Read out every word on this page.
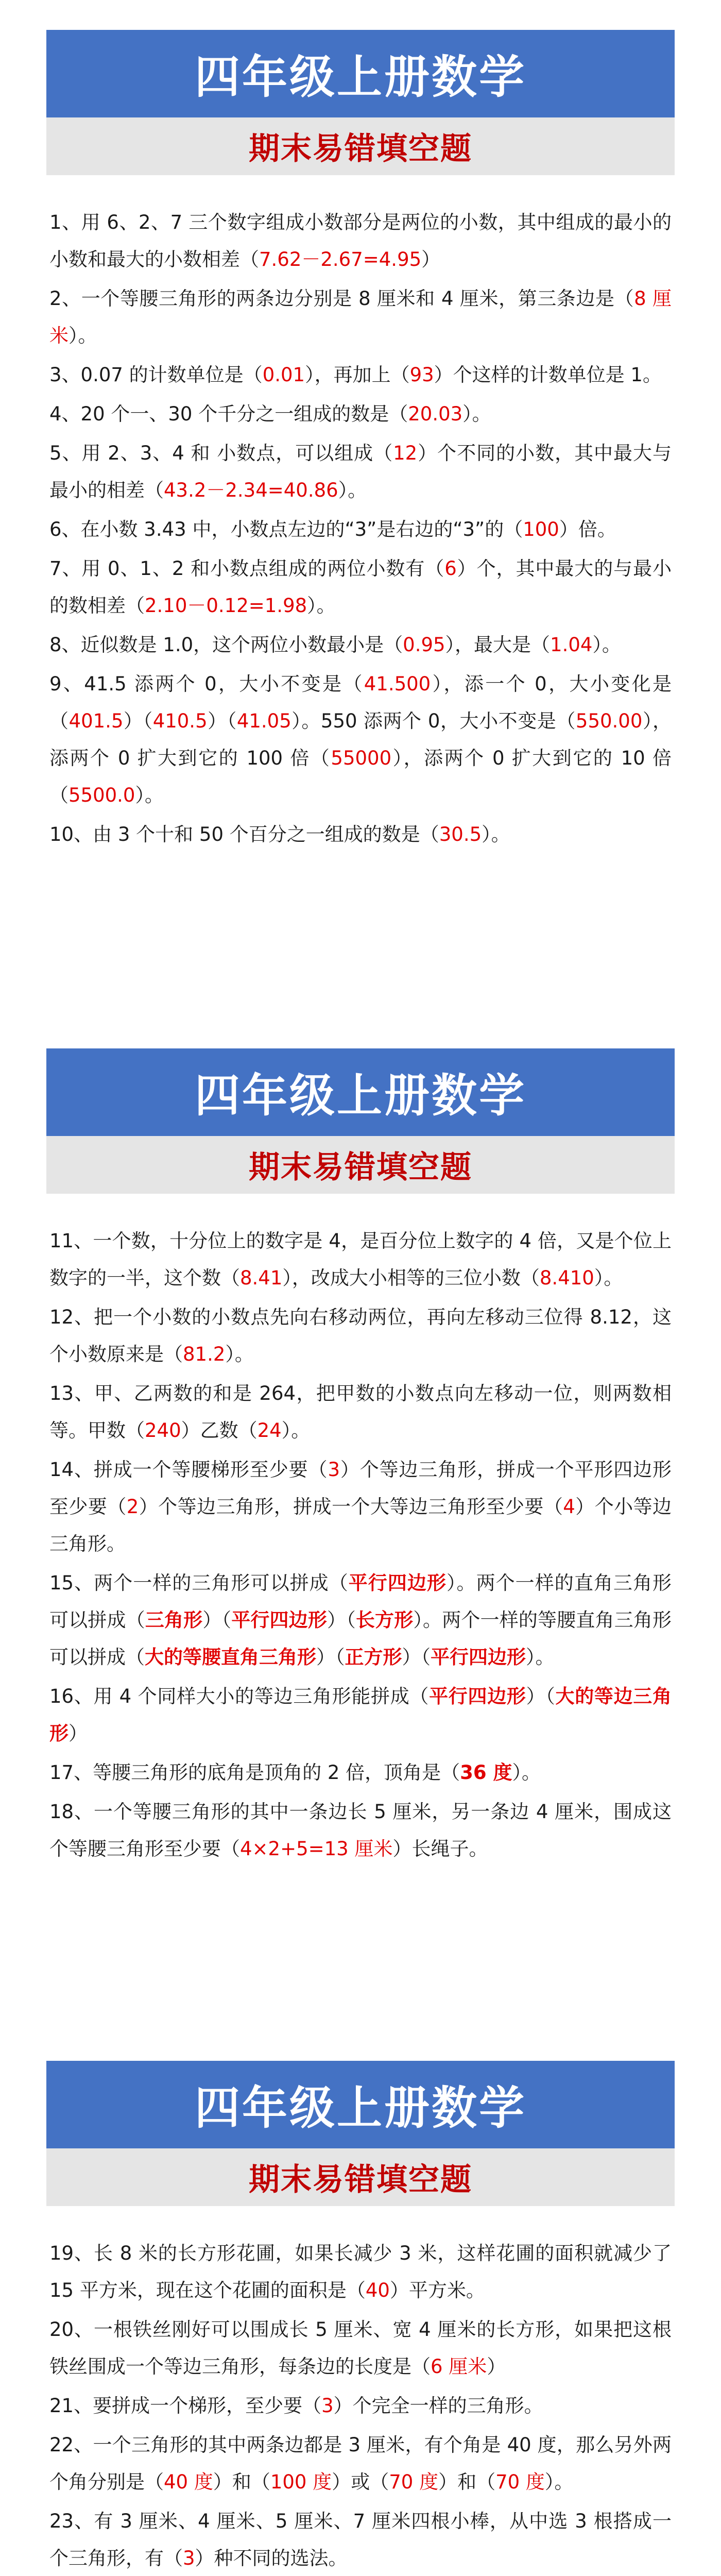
四年级上册数学
期末易错填空题
1、用 6、2、7 三个数字组成小数部分是两位的小数，其中组成的最小的小数和最大的小数相差（7.62－2.67=4.95）
2、一个等腰三角形的两条边分别是 8 厘米和 4 厘米，第三条边是（8 厘米）。
3、0.07 的计数单位是（0.01），再加上（93）个这样的计数单位是 1。
4、20 个一、30 个千分之一组成的数是（20.03）。
5、用 2、3、4 和 小数点，可以组成（12）个不同的小数，其中最大与最小的相差（43.2－2.34=40.86）。
6、在小数 3.43 中，小数点左边的“3”是右边的“3”的（100）倍。
7、用 0、1、2 和小数点组成的两位小数有（6）个，其中最大的与最小的数相差（2.10－0.12=1.98）。
8、近似数是 1.0，这个两位小数最小是（0.95），最大是（1.04）。
9、41.5 添两个 0，大小不变是（41.500），添一个 0，大小变化是（401.5）（410.5）（41.05）。550 添两个 0，大小不变是（550.00），添两个 0 扩大到它的 100 倍（55000），添两个 0 扩大到它的 10 倍（5500.0）。
10、由 3 个十和 50 个百分之一组成的数是（30.5）。
四年级上册数学
期末易错填空题
11、一个数，十分位上的数字是 4，是百分位上数字的 4 倍，又是个位上数字的一半，这个数（8.41），改成大小相等的三位小数（8.410）。
12、把一个小数的小数点先向右移动两位，再向左移动三位得 8.12，这个小数原来是（81.2）。
13、甲、乙两数的和是 264，把甲数的小数点向左移动一位，则两数相等。甲数（240）乙数（24）。
14、拼成一个等腰梯形至少要（3）个等边三角形，拼成一个平形四边形至少要（2）个等边三角形，拼成一个大等边三角形至少要（4）个小等边三角形。
15、两个一样的三角形可以拼成（平行四边形）。两个一样的直角三角形可以拼成（三角形）（平行四边形）（长方形）。两个一样的等腰直角三角形可以拼成（大的等腰直角三角形）（正方形）（平行四边形）。
16、用 4 个同样大小的等边三角形能拼成（平行四边形）（大的等边三角形）
17、等腰三角形的底角是顶角的 2 倍，顶角是（36 度）。
18、一个等腰三角形的其中一条边长 5 厘米，另一条边 4 厘米，围成这个等腰三角形至少要（4×2+5=13 厘米）长绳子。
四年级上册数学
期末易错填空题
19、长 8 米的长方形花圃，如果长减少 3 米，这样花圃的面积就减少了 15 平方米，现在这个花圃的面积是（40）平方米。
20、一根铁丝刚好可以围成长 5 厘米、宽 4 厘米的长方形，如果把这根铁丝围成一个等边三角形，每条边的长度是（6 厘米）
21、要拼成一个梯形，至少要（3）个完全一样的三角形。
22、一个三角形的其中两条边都是 3 厘米，有个角是 40 度，那么另外两个角分别是（40 度）和（100 度）或（70 度）和（70 度）。
23、有 3 厘米、4 厘米、5 厘米、7 厘米四根小棒，从中选 3 根搭成一个三角形，有（3）种不同的选法。
